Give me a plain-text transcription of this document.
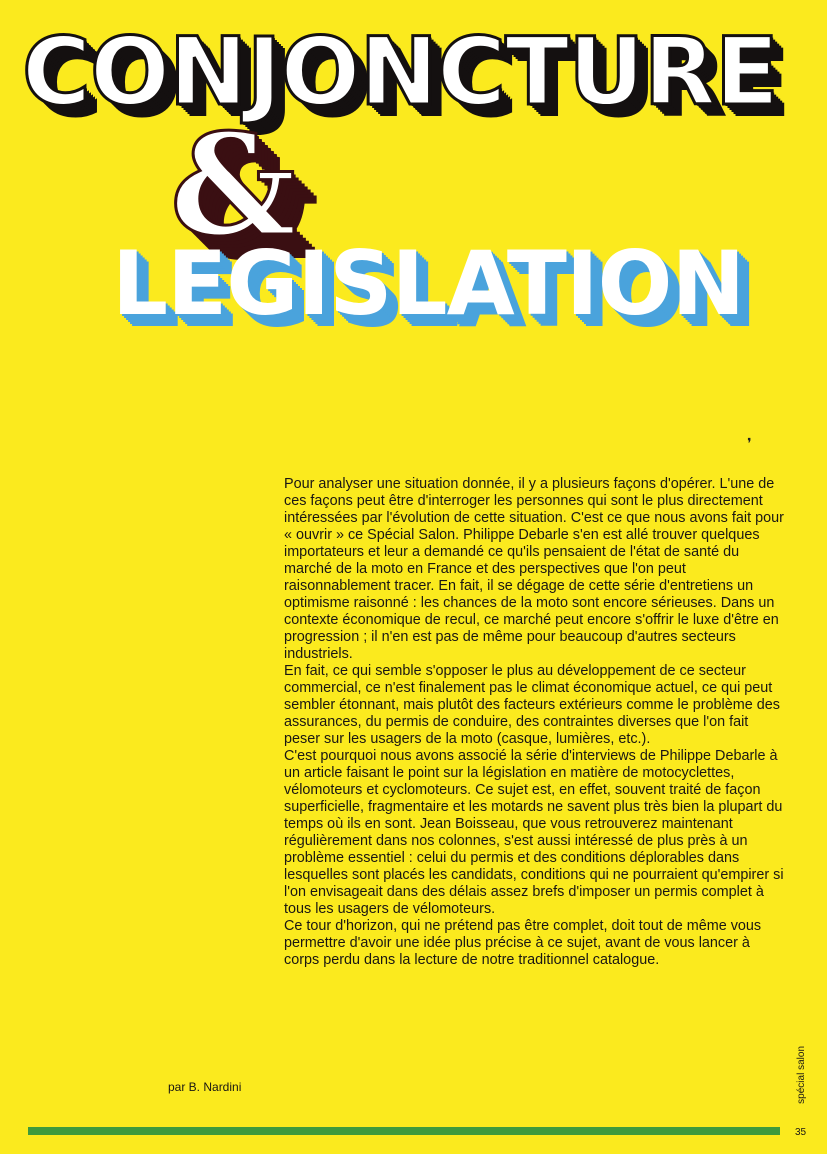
CONJONCTURE
&
LEGISLATION
❜

Pour analyser une situation donnée, il y a plusieurs façons d'opérer. L'une de ces façons peut être d'interroger les personnes qui sont le plus directement intéressées par l'évolution de cette situation. C'est ce que nous avons fait pour « ouvrir » ce Spécial Salon. Philippe Debarle s'en est allé trouver quelques importateurs et leur a demandé ce qu'ils pensaient de l'état de santé du marché de la moto en France et des perspectives que l'on peut raisonnablement tracer. En fait, il se dégage de cette série d'entretiens un optimisme raisonné : les chances de la moto sont encore sérieuses. Dans un contexte économique de recul, ce marché peut encore s'offrir le luxe d'être en progression ; il n'en est pas de même pour beaucoup d'autres secteurs industriels.

En fait, ce qui semble s'opposer le plus au développement de ce secteur commercial, ce n'est finalement pas le climat économique actuel, ce qui peut sembler étonnant, mais plutôt des facteurs extérieurs comme le problème des assurances, du permis de conduire, des contraintes diverses que l'on fait peser sur les usagers de la moto (casque, lumières, etc.).

C'est pourquoi nous avons associé la série d'interviews de Philippe Debarle à un article faisant le point sur la législation en matière de motocyclettes, vélomoteurs et cyclomoteurs. Ce sujet est, en effet, souvent traité de façon superficielle, fragmentaire et les motards ne savent plus très bien la plupart du temps où ils en sont. Jean Boisseau, que vous retrouverez maintenant régulièrement dans nos colonnes, s'est aussi intéressé de plus près à un problème essentiel : celui du permis et des conditions déplorables dans lesquelles sont placés les candidats, conditions qui ne pourraient qu'empirer si l'on envisageait dans des délais assez brefs d'imposer un permis complet à tous les usagers de vélomoteurs.

Ce tour d'horizon, qui ne prétend pas être complet, doit tout de même vous permettre d'avoir une idée plus précise à ce sujet, avant de vous lancer à corps perdu dans la lecture de notre traditionnel catalogue.

par B. Nardini	spécial salon
35
